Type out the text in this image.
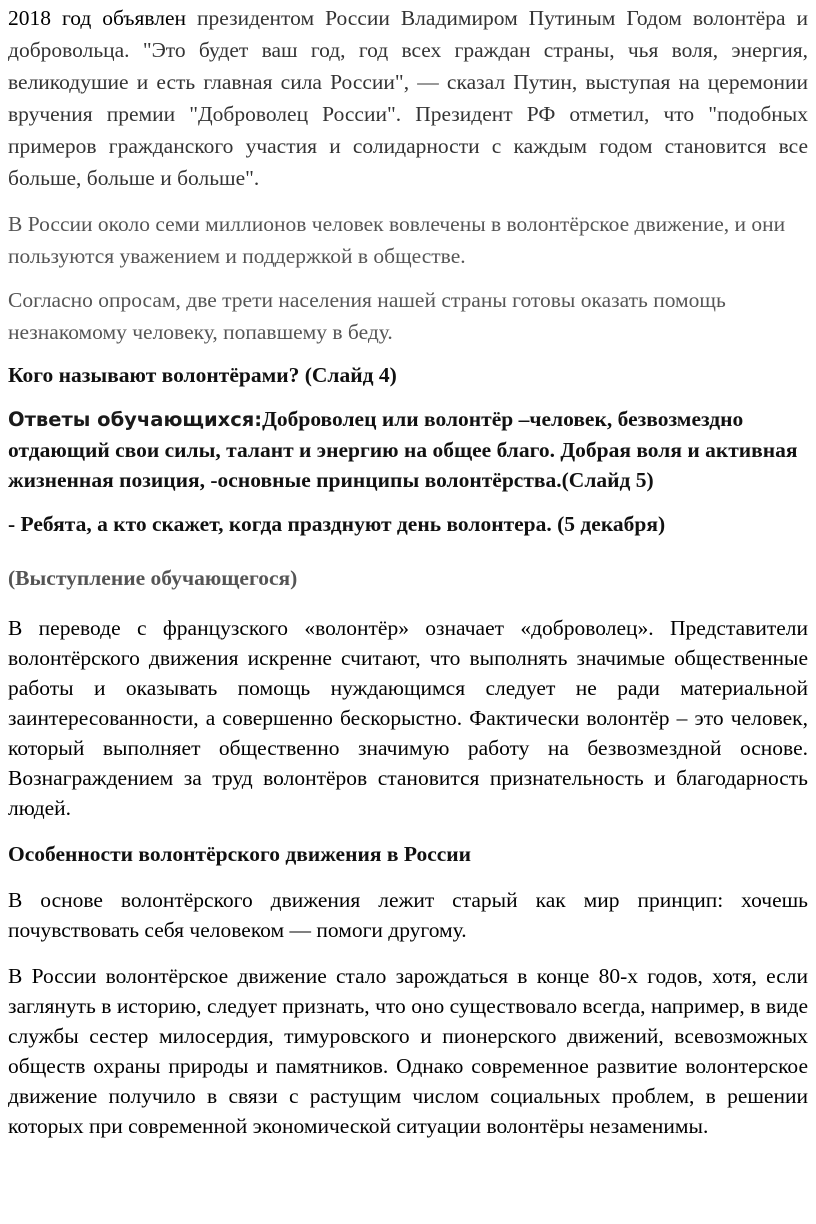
2018 год объявлен президентом России Владимиром Путиным Годом волонтёра и добровольца. "Это будет ваш год, год всех граждан страны, чья воля, энергия, великодушие и есть главная сила России", — сказал Путин, выступая на церемонии вручения премии "Доброволец России". Президент РФ отметил, что "подобных примеров гражданского участия и солидарности с каждым годом становится все больше, больше и больше".

В России около семи миллионов человек вовлечены в волонтёрское движение, и они пользуются уважением и поддержкой в обществе.

Согласно опросам, две трети населения нашей страны готовы оказать помощь незнакомому человеку, попавшему в беду.

Кого называют волонтёрами? (Слайд 4)

Ответы обучающихся:Доброволец или волонтёр –человек, безвозмездно отдающий свои силы, талант и энергию на общее благо. Добрая воля и активная жизненная позиция, -основные принципы волонтёрства.(Слайд 5)

- Ребята, а кто скажет, когда празднуют день волонтера. (5 декабря)

(Выступление обучающегося)

В переводе с французского «волонтёр» означает «доброволец». Представители волонтёрского движения искренне считают, что выполнять значимые общественные работы и оказывать помощь нуждающимся следует не ради материальной заинтересованности, а совершенно бескорыстно. Фактически волонтёр – это человек, который выполняет общественно значимую работу на безвозмездной основе. Вознаграждением за труд волонтёров становится признательность и благодарность людей.

Особенности волонтёрского движения в России

В основе волонтёрского движения лежит старый как мир принцип: хочешь почувствовать себя человеком — помоги другому.

В России волонтёрское движение стало зарождаться в конце 80-х годов, хотя, если заглянуть в историю, следует признать, что оно существовало всегда, например, в виде службы сестер милосердия, тимуровского и пионерского движений, всевозможных обществ охраны природы и памятников. Однако современное развитие волонтерское движение получило в связи с растущим числом социальных проблем, в решении которых при современной экономической ситуации волонтёры незаменимы.
